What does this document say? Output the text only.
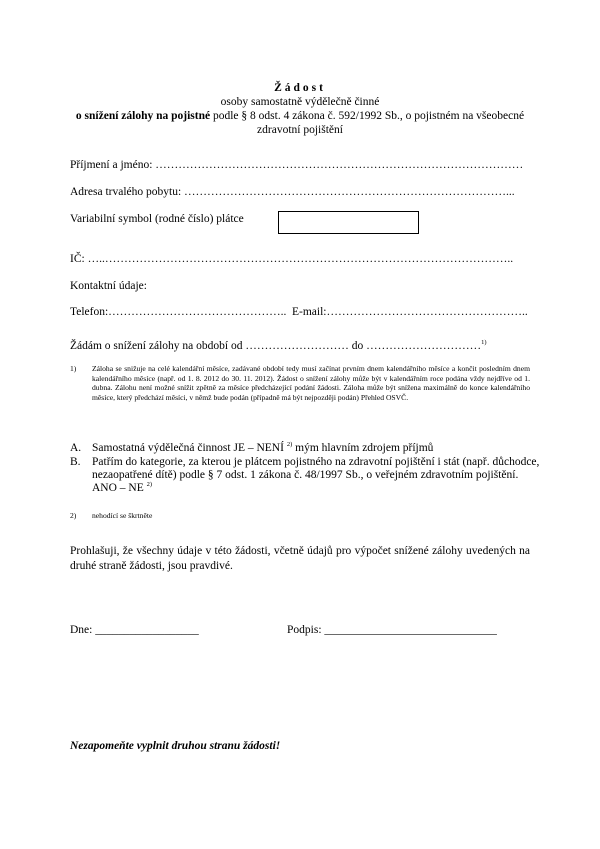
Žádost
osoby samostatně výdělečně činné
o snížení zálohy na pojistné podle § 8 odst. 4 zákona č. 592/1992 Sb., o pojistném na všeobecné
zdravotní pojištění
Příjmení a jméno: ……………………………………………………………………………………
Adresa trvalého pobytu: …………………………………………………………………………...
Variabilní symbol (rodné číslo) plátce
IČ: …..……………………………………………………………………………………………..
Kontaktní údaje:
Telefon:……………………………………….. E-mail:……………………………………………..
Žádám o snížení zálohy na období od ……………………… do …………………………$^{1)}$
1) Záloha se snižuje na celé kalendářní měsíce, zadávané období tedy musí začínat prvním dnem kalendářního měsíce a končit posledním dnem kalendářního měsíce (např. od 1. 8. 2012 do 30. 11. 2012). Žádost o snížení zálohy může být v kalendářním roce podána vždy nejdříve od 1. dubna. Zálohu není možné snížit zpětně za měsíce předcházející podání žádosti. Záloha může být snížena maximálně do konce kalendářního měsíce, který předchází měsíci, v němž bude podán (případně má být nejpozději podán) Přehled OSVČ.
A. Samostatná výdělečná činnost JE – NENÍ $^{2)}$ mým hlavním zdrojem příjmů
B. Patřím do kategorie, za kterou je plátcem pojistného na zdravotní pojištění i stát (např. důchodce,
nezaopatřené dítě) podle § 7 odst. 1 zákona č. 48/1997 Sb., o veřejném zdravotním pojištění.
ANO – NE $^{2)}$
2) nehodící se škrtněte
Prohlašuji, že všechny údaje v této žádosti, včetně údajů pro výpočet snížené zálohy uvedených na druhé straně žádosti, jsou pravdivé.
Dne: __________________	Podpis: ______________________________
Nezapomeňte vyplnit druhou stranu žádosti!
